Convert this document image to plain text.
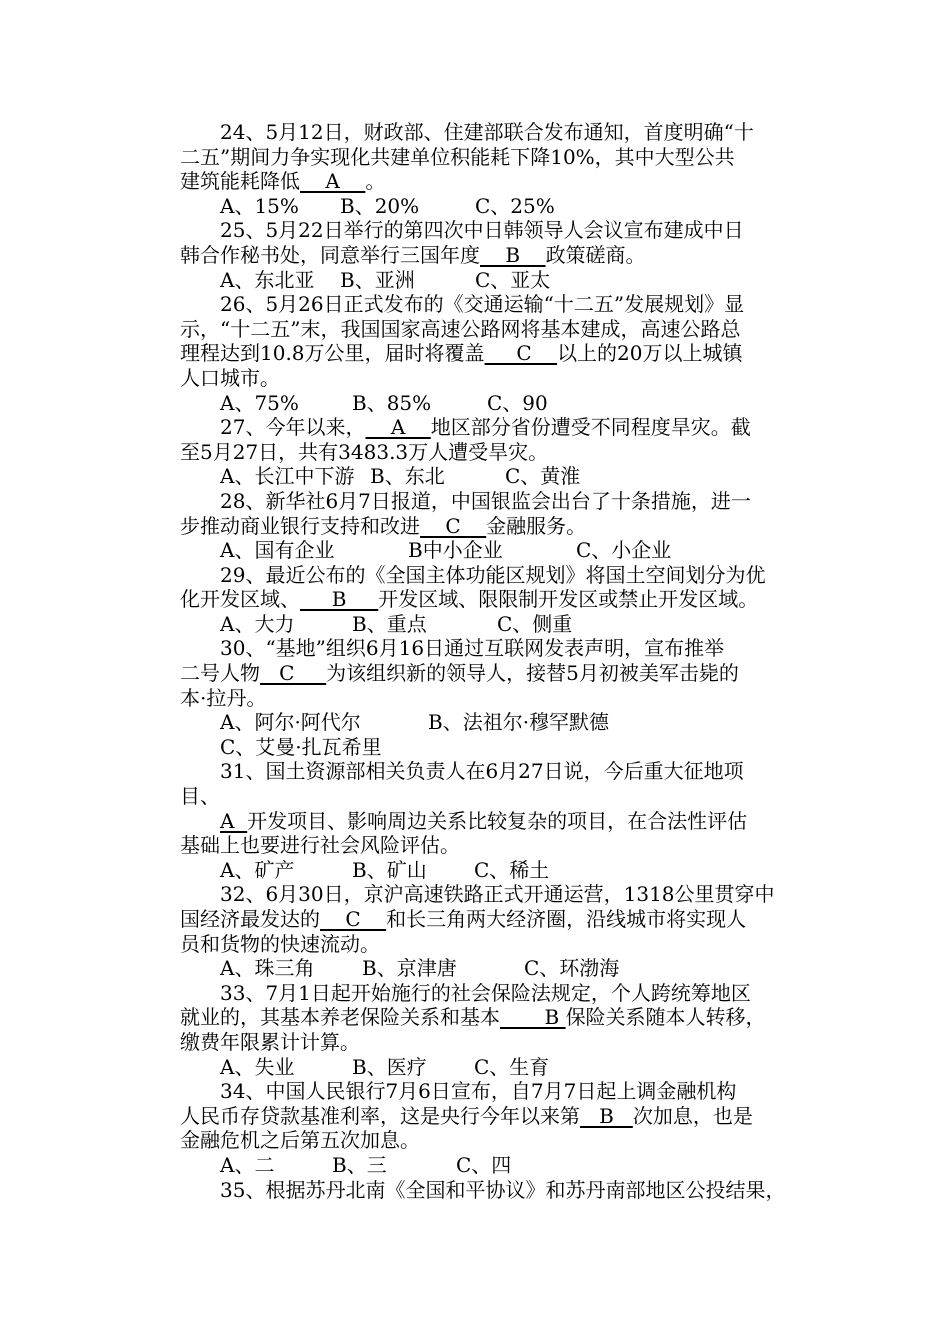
24、5月12日，财政部、住建部联合发布通知，首度明确“十
二五”期间力争实现化共建单位积能耗下降10%，其中大型公共
建筑能耗降低    A    。
A、15% B、20%	C、25%
25、5月22日举行的第四次中日韩领导人会议宣布建成中日
韩合作秘书处，同意举行三国年度    B    政策磋商。
A、东北亚 B、亚洲	C、亚太
26、5月26日正式发布的《交通运输“十二五”发展规划》显
示，“十二五”末，我国国家高速公路网将基本建成，高速公路总
理程达到10.8万公里，届时将覆盖     C    以上的20万以上城镇
人口城市。
A、75%	B、85%	C、90
27、今年以来，    A    地区部分省份遭受不同程度旱灾。截
至5月27日，共有3483.3万人遭受旱灾。
A、长江中下游 B、东北	C、黄淮
28、新华社6月7日报道，中国银监会出台了十条措施，进一
步推动商业银行支持和改进    C    金融服务。
A、国有企业	B中小企业	C、小企业
29、最近公布的《全国主体功能区规划》将国土空间划分为优
化开发区域、     B     开发区域、限限制开发区或禁止开发区域。
A、大力	B、重点	C、侧重
30、“基地”组织6月16日通过互联网发表声明，宣布推举
二号人物   C     为该组织新的领导人，接替5月初被美军击毙的
本·拉丹。
A、阿尔·阿代尔	B、法祖尔·穆罕默德
C、艾曼·扎瓦希里
31、国土资源部相关负责人在6月27日说，今后重大征地项
目、
A  开发项目、影响周边关系比较复杂的项目，在合法性评估
基础上也要进行社会风险评估。
A、矿产	B、矿山 C、稀土
32、6月30日，京沪高速铁路正式开通运营，1318公里贯穿中
国经济最发达的    C    和长三角两大经济圈，沿线城市将实现人
员和货物的快速流动。
A、珠三角 B、京津唐	C、环渤海
33、7月1日起开始施行的社会保险法规定，个人跨统筹地区
就业的，其基本养老保险关系和基本       B 保险关系随本人转移，
缴费年限累计计算。
A、失业	B、医疗 C、生育
34、中国人民银行7月6日宣布，自7月7日起上调金融机构
人民币存贷款基准利率，这是央行今年以来第   B   次加息，也是
金融危机之后第五次加息。
A、二	B、三	C、四
35、根据苏丹北南《全国和平协议》和苏丹南部地区公投结果，
